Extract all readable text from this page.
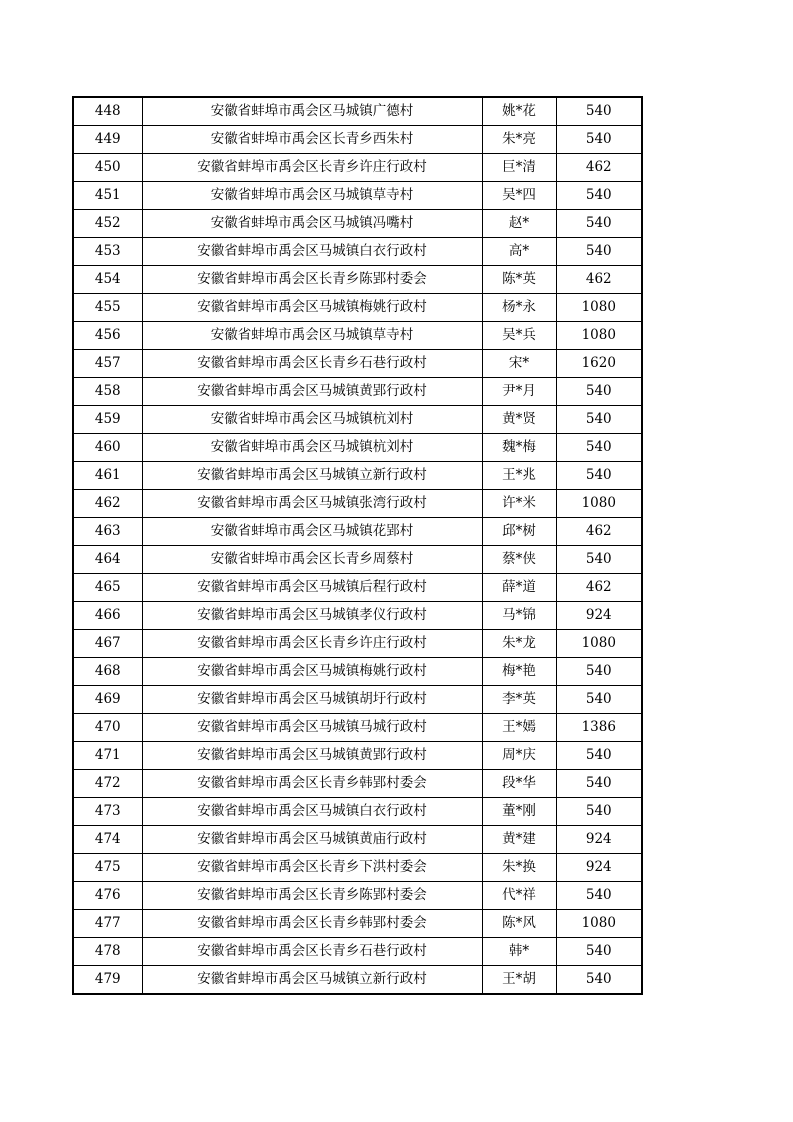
448	安徽省蚌埠市禹会区马城镇广德村	姚*花	540
449	安徽省蚌埠市禹会区长青乡西朱村	朱*亮	540
450	安徽省蚌埠市禹会区长青乡许庄行政村	巨*清	462
451	安徽省蚌埠市禹会区马城镇草寺村	吴*四	540
452	安徽省蚌埠市禹会区马城镇冯嘴村	赵*	540
453	安徽省蚌埠市禹会区马城镇白衣行政村	高*	540
454	安徽省蚌埠市禹会区长青乡陈郢村委会	陈*英	462
455	安徽省蚌埠市禹会区马城镇梅姚行政村	杨*永	1080
456	安徽省蚌埠市禹会区马城镇草寺村	吴*兵	1080
457	安徽省蚌埠市禹会区长青乡石巷行政村	宋*	1620
458	安徽省蚌埠市禹会区马城镇黄郢行政村	尹*月	540
459	安徽省蚌埠市禹会区马城镇杭刘村	黄*贤	540
460	安徽省蚌埠市禹会区马城镇杭刘村	魏*梅	540
461	安徽省蚌埠市禹会区马城镇立新行政村	王*兆	540
462	安徽省蚌埠市禹会区马城镇张湾行政村	许*米	1080
463	安徽省蚌埠市禹会区马城镇花郢村	邱*树	462
464	安徽省蚌埠市禹会区长青乡周蔡村	蔡*侠	540
465	安徽省蚌埠市禹会区马城镇后程行政村	薛*道	462
466	安徽省蚌埠市禹会区马城镇孝仪行政村	马*锦	924
467	安徽省蚌埠市禹会区长青乡许庄行政村	朱*龙	1080
468	安徽省蚌埠市禹会区马城镇梅姚行政村	梅*艳	540
469	安徽省蚌埠市禹会区马城镇胡圩行政村	李*英	540
470	安徽省蚌埠市禹会区马城镇马城行政村	王*嫣	1386
471	安徽省蚌埠市禹会区马城镇黄郢行政村	周*庆	540
472	安徽省蚌埠市禹会区长青乡韩郢村委会	段*华	540
473	安徽省蚌埠市禹会区马城镇白衣行政村	董*刚	540
474	安徽省蚌埠市禹会区马城镇黄庙行政村	黄*建	924
475	安徽省蚌埠市禹会区长青乡下洪村委会	朱*换	924
476	安徽省蚌埠市禹会区长青乡陈郢村委会	代*祥	540
477	安徽省蚌埠市禹会区长青乡韩郢村委会	陈*风	1080
478	安徽省蚌埠市禹会区长青乡石巷行政村	韩*	540
479	安徽省蚌埠市禹会区马城镇立新行政村	王*胡	540
